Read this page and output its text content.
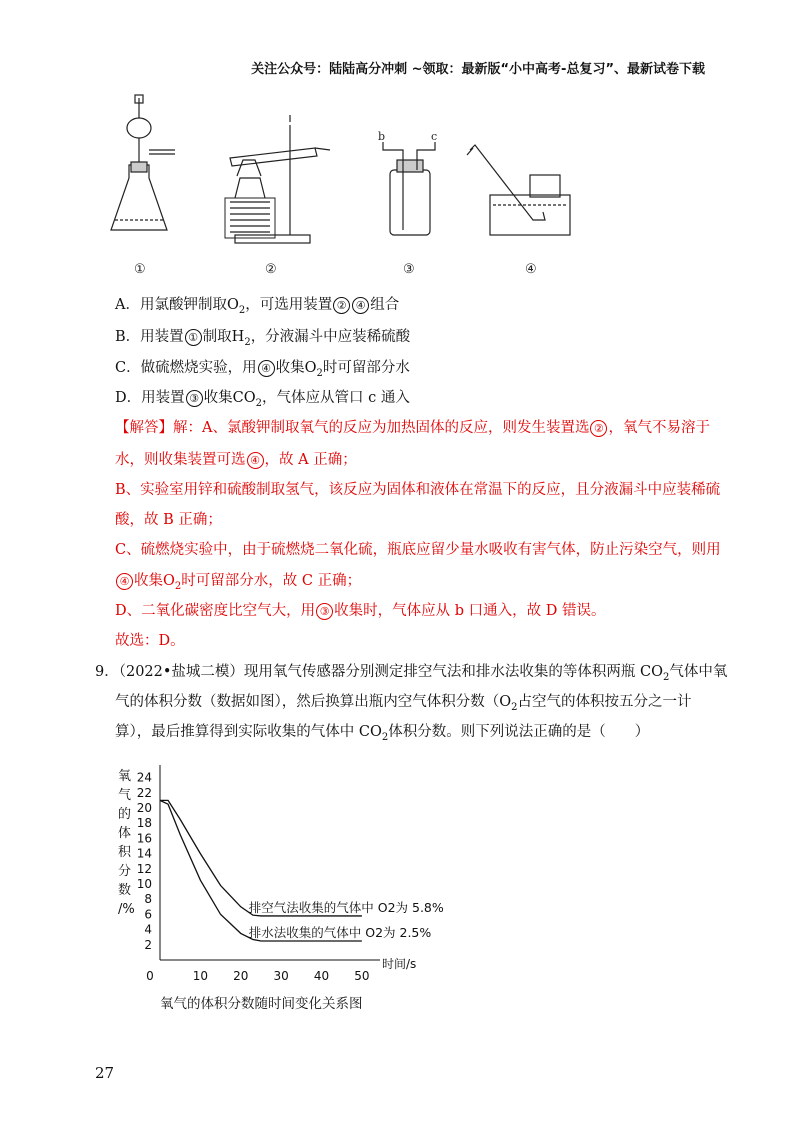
关注公众号：陆陆高分冲刺 ~领取：最新版“小中高考-总复习”、最新试卷下载
①	②	③	④
b	c
A．用氯酸钾制取$O_2$，可选用装置 ② ④ 组合
B．用装置 ① 制取$H_2$，分液漏斗中应装稀硫酸
C．做硫燃烧实验，用 ④ 收集$O_2$时可留部分水
D．用装置 ③ 收集$CO_2$，气体应从管口 c 通入
【解答】解：A、氯酸钾制取氧气的反应为加热固体的反应，则发生装置选 ② ，氧气不易溶于
水，则收集装置可选 ④ ，故 A 正确；
B、实验室用锌和硫酸制取氢气，该反应为固体和液体在常温下的反应，且分液漏斗中应装稀硫
酸，故 B 正确；
C、硫燃烧实验中，由于硫燃烧二氧化硫，瓶底应留少量水吸收有害气体，防止污染空气，则用
④ 收集$O_2$时可留部分水，故 C 正确；
D、二氧化碳密度比空气大，用 ③ 收集时，气体应从 b 口通入，故 D 错误。
故选：D。
9．（2022•盐城二模）现用氧气传感器分别测定排空气法和排水法收集的等体积两瓶 $CO_2$气体中氧
气的体积分数（数据如图），然后换算出瓶内空气体积分数（$O_2$占空气的体积按五分之一计
算），最后推算得到实际收集的气体中 $CO_2$体积分数。则下列说法正确的是（　　）
氧
气
的
体
积
分
数
/%
2
4
6
8
10
12
14
16
18
20
22
24
0	10 20 30 40 50
排空气法收集的气体中 O2为 5.8%
排水法收集的气体中 O2为 2.5%
时间/s
氧气的体积分数随时间变化关系图
27
